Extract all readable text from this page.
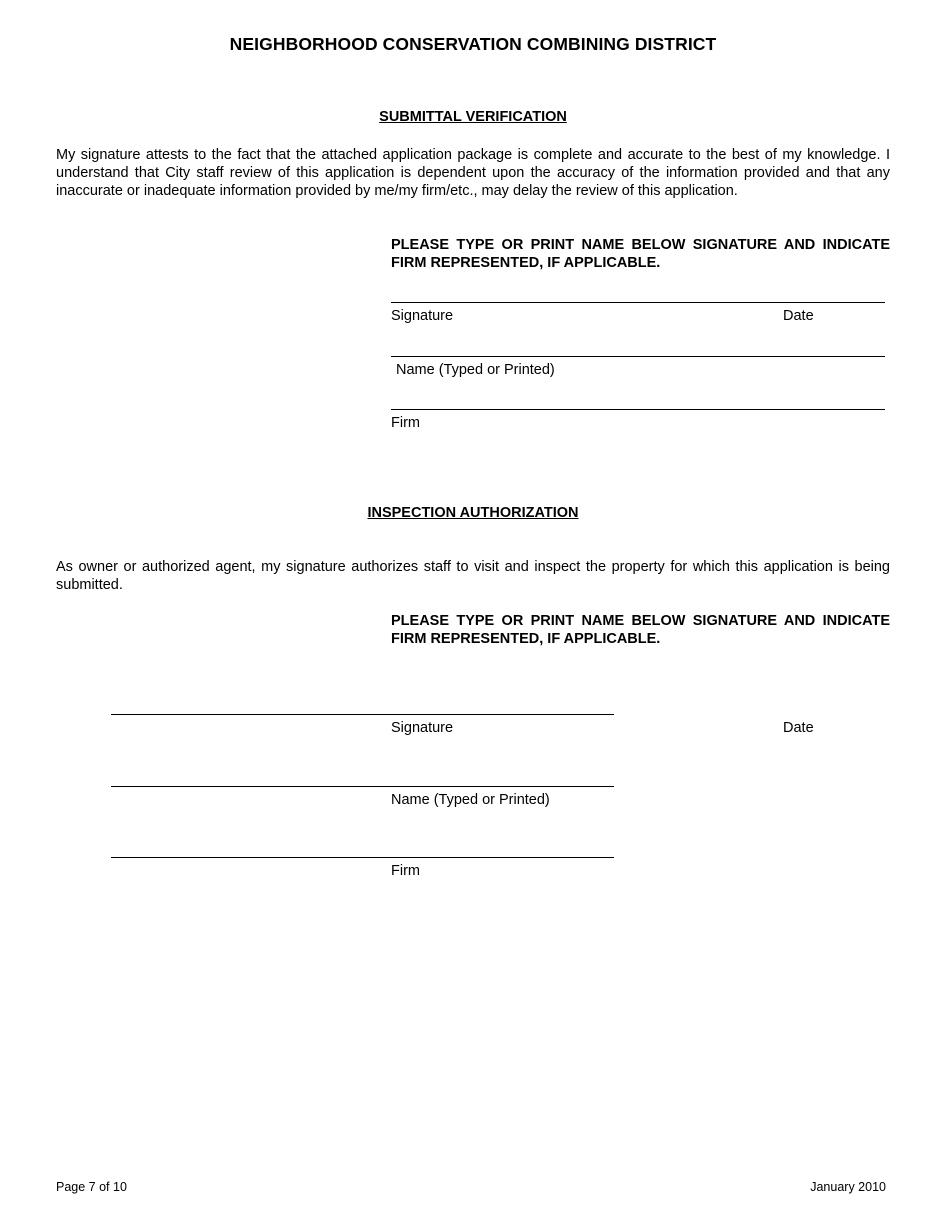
NEIGHBORHOOD CONSERVATION COMBINING DISTRICT
SUBMITTAL VERIFICATION
My signature attests to the fact that the attached application package is complete and accurate to the best of my knowledge. I understand that City staff review of this application is dependent upon the accuracy of the information provided and that any inaccurate or inadequate information provided by me/my firm/etc., may delay the review of this application.
PLEASE TYPE OR PRINT NAME BELOW SIGNATURE AND INDICATE FIRM REPRESENTED, IF APPLICABLE.
Signature	Date
Name (Typed or Printed)
Firm
INSPECTION AUTHORIZATION
As owner or authorized agent, my signature authorizes staff to visit and inspect the property for which this application is being submitted.
PLEASE TYPE OR PRINT NAME BELOW SIGNATURE AND INDICATE FIRM REPRESENTED, IF APPLICABLE.
Signature	Date
Name (Typed or Printed)
Firm
Page 7 of 10	January 2010
